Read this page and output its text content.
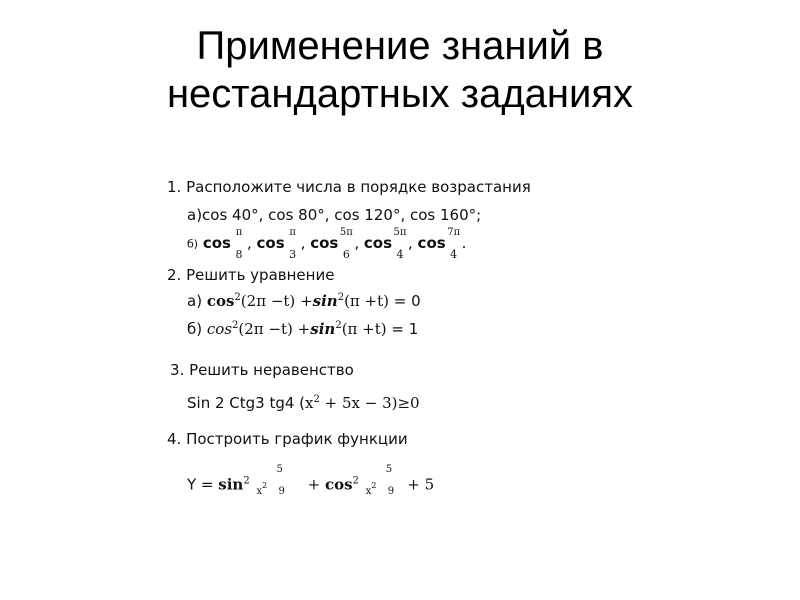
Применение знаний в
нестандартных заданиях
1. Расположите числа в порядке возрастания
а)cos 40°, cos 80°, cos 120°, cos 160°;
б) cos
π
8
, cos
π
3
, cos
5π
6
, cos
5π
4
, cos
7π
4
.
2. Решить уравнение
а) $\cos^2(2\pi -t) +\sin^2(\pi +t) = 0$
б) $\cos^2(2\pi -t) +\sin^2(\pi +t) = 1$
3. Решить неравенство
Sin 2 Ctg3 tg4 $(x^2 + 5x - 3)\ge 0$
4. Построить график функции
$Y = \sin^2$
5
$x^2$
$9 + \cos^2$
5
$x^2$
9 + 5
